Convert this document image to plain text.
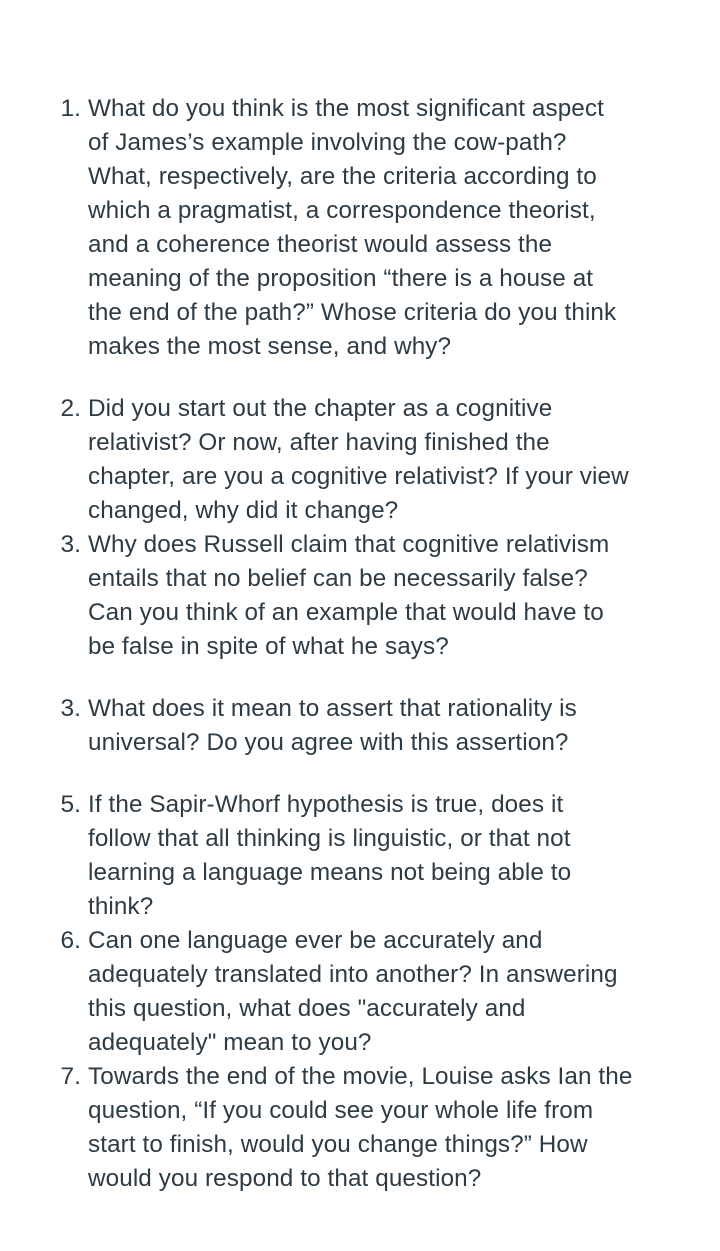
1. What do you think is the most significant aspect
of James’s example involving the cow-path?
What, respectively, are the criteria according to
which a pragmatist, a correspondence theorist,
and a coherence theorist would assess the
meaning of the proposition “there is a house at
the end of the path?” Whose criteria do you think
makes the most sense, and why?
2. Did you start out the chapter as a cognitive
relativist? Or now, after having finished the
chapter, are you a cognitive relativist? If your view
changed, why did it change?
3. Why does Russell claim that cognitive relativism
entails that no belief can be necessarily false?
Can you think of an example that would have to
be false in spite of what he says?
3. What does it mean to assert that rationality is
universal? Do you agree with this assertion?
5. If the Sapir-Whorf hypothesis is true, does it
follow that all thinking is linguistic, or that not
learning a language means not being able to
think?
6. Can one language ever be accurately and
adequately translated into another? In answering
this question, what does "accurately and
adequately" mean to you?
7. Towards the end of the movie, Louise asks Ian the
question, “If you could see your whole life from
start to finish, would you change things?” How
would you respond to that question?
